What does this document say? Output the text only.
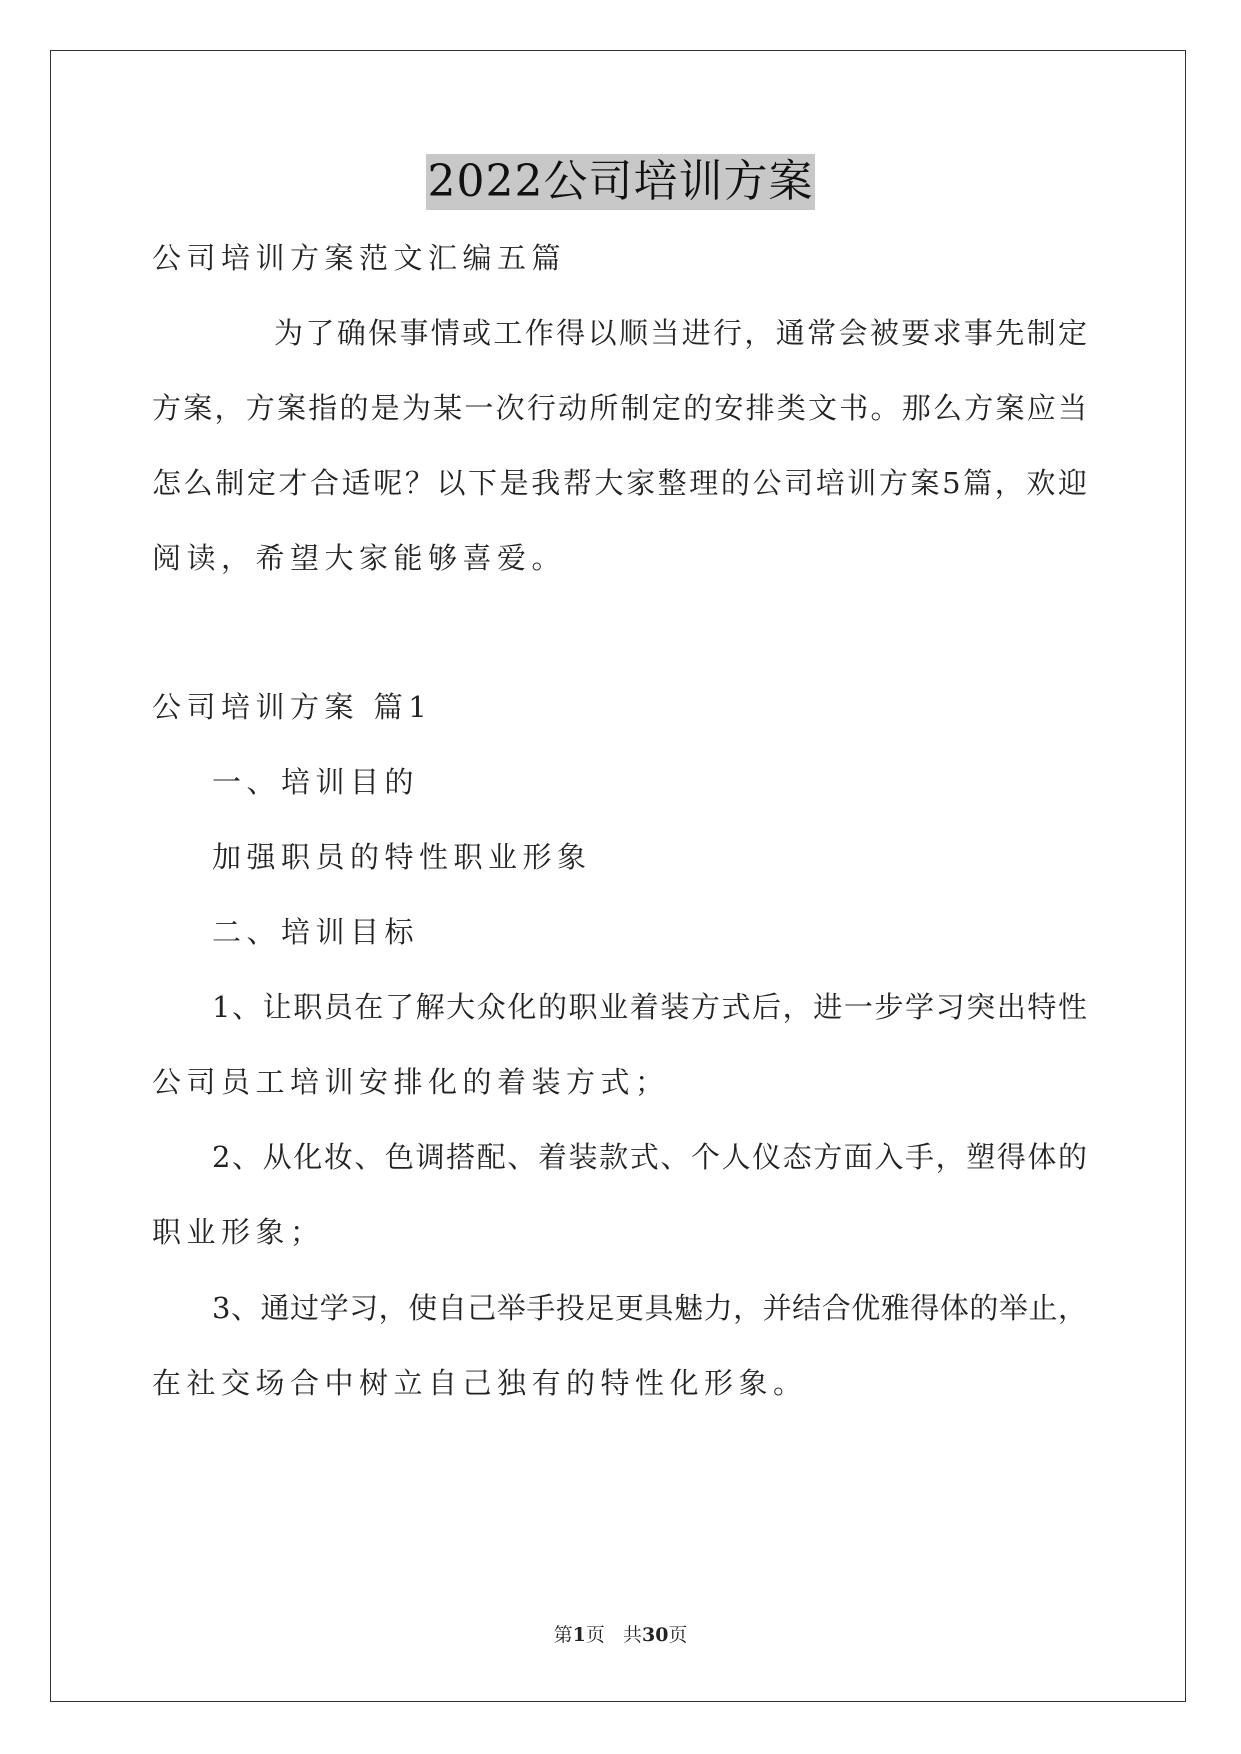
2022公司培训方案
公司培训方案范文汇编五篇
为了确保事情或工作得以顺当进行，通常会被要求事先制定
方案，方案指的是为某一次行动所制定的安排类文书。那么方案应当
怎么制定才合适呢？以下是我帮大家整理的公司培训方案5篇，欢迎
阅读，希望大家能够喜爱。
公司培训方案 篇1
一、培训目的
加强职员的特性职业形象
二、培训目标
1、让职员在了解大众化的职业着装方式后，进一步学习突出特性
公司员工培训安排化的着装方式；
2、从化妆、色调搭配、着装款式、个人仪态方面入手，塑得体的
职业形象；
3、通过学习，使自己举手投足更具魅力，并结合优雅得体的举止，
在社交场合中树立自己独有的特性化形象。
第1页 共30页
